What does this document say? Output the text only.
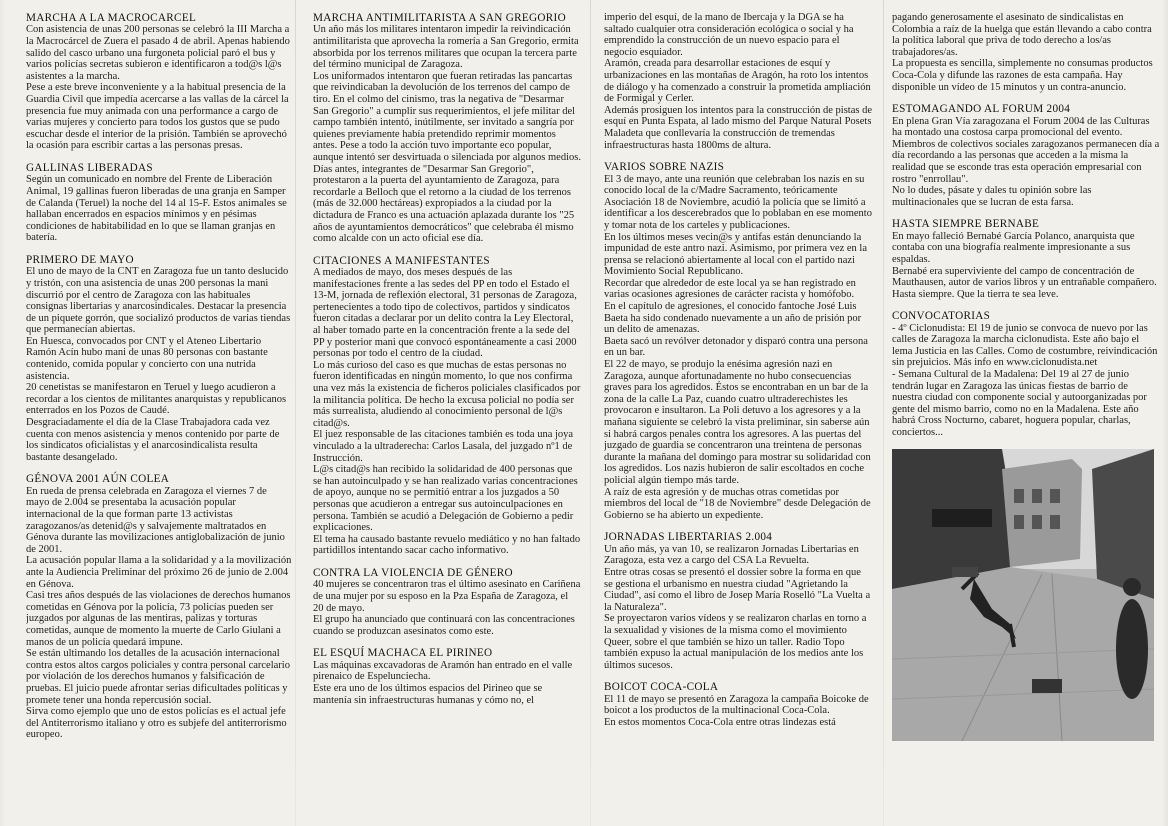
MARCHA A LA MACROCARCEL

Con asistencia de unas 200 personas se celebró la III Marcha a la Macrocárcel de Zuera el pasado 4 de abril. Apenas habiendo salido del casco urbano una furgoneta policial paró el bus y varios policías secretas subieron e identificaron a tod@s l@s asistentes a la marcha.

Pese a este breve inconveniente y a la habitual presencia de la Guardia Civil que impedía acercarse a las vallas de la cárcel la presencia fue muy animada con una performance a cargo de varias mujeres y concierto para todos los gustos que se pudo escuchar desde el interior de la prisión. También se aprovechó la ocasión para escribir cartas a las personas presas.

GALLINAS LIBERADAS

Según un comunicado en nombre del Frente de Liberación Animal, 19 gallinas fueron liberadas de una granja en Samper de Calanda (Teruel) la noche del 14 al 15-F. Estos animales se hallaban encerrados en espacios mínimos y en pésimas condiciones de habitabilidad en lo que se llaman granjas en batería.

PRIMERO DE MAYO

El uno de mayo de la CNT en Zaragoza fue un tanto deslucido y tristón, con una asistencia de unas 200 personas la mani discurrió por el centro de Zaragoza con las habituales consignas libertarias y anarcosindicales. Destacar la presencia de un piquete gorrón, que socializó productos de varias tiendas que permanecían abiertas.

En Huesca, convocados por CNT y el Ateneo Libertario Ramón Acín hubo mani de unas 80 personas con bastante contenido, comida popular y concierto con una nutrida asistencia.

20 cenetistas se manifestaron en Teruel y luego acudieron a recordar a los cientos de militantes anarquistas y republicanos enterrados en los Pozos de Caudé.

Desgraciadamente el día de la Clase Trabajadora cada vez cuenta con menos asistencia y menos contenido por parte de los sindicatos oficialistas y el anarcosindicalista resulta bastante desangelado.

GÉNOVA 2001 AÚN COLEA

En rueda de prensa celebrada en Zaragoza el viernes 7 de mayo de 2.004 se presentaba la acusación popular internacional de la que forman parte 13 activistas zaragozanos/as detenid@s y salvajemente maltratados en Génova durante las movilizaciones antiglobalización de junio de 2001.

La acusación popular llama a la solidaridad y a la movilización ante la Audiencia Preliminar del próximo 26 de junio de 2.004 en Génova.

Casi tres años después de las violaciones de derechos humanos cometidas en Génova por la policía, 73 policías pueden ser juzgados por algunas de las mentiras, palizas y torturas cometidas, aunque de momento la muerte de Carlo Giulani a manos de un policía quedará impune.

Se están ultimando los detalles de la acusación internacional contra estos altos cargos policiales y contra personal carcelario por violación de los derechos humanos y falsificación de pruebas. El juicio puede afrontar serias dificultades políticas y promete tener una honda repercusión social.

Sirva como ejemplo que uno de estos policías es el actual jefe del Antiterrorismo italiano y otro es subjefe del antiterrorismo europeo.

MARCHA ANTIMILITARISTA A SAN GREGORIO

Un año más los militares intentaron impedir la reivindicación antimilitarista que aprovecha la romería a San Gregorio, ermita absorbida por los terrenos militares que ocupan la tercera parte del término municipal de Zaragoza.

Los uniformados intentaron que fueran retiradas las pancartas que reivindicaban la devolución de los terrenos del campo de tiro. En el colmo del cinismo, tras la negativa de "Desarmar San Gregorio" a cumplir sus requerimientos, el jefe militar del campo también intentó, inútilmente, ser invitado a sangría por quienes previamente había pretendido reprimir momentos antes. Pese a todo la acción tuvo importante eco popular, aunque intentó ser desvirtuada o silenciada por algunos medios.

Días antes, integrantes de "Desarmar San Gregorio", protestaron a la puerta del ayuntamiento de Zaragoza, para recordarle a Belloch que el retorno a la ciudad de los terrenos (más de 32.000 hectáreas) expropiados a la ciudad por la dictadura de Franco es una actuación aplazada durante los "25 años de ayuntamientos democráticos" que celebraba él mismo como alcalde con un acto oficial ese día.

CITACIONES A MANIFESTANTES

A mediados de mayo, dos meses después de las manifestaciones frente a las sedes del PP en todo el Estado el 13-M, jornada de reflexión electoral, 31 personas de Zaragoza, pertenecientes a todo tipo de colectivos, partidos y sindicatos fueron citadas a declarar por un delito contra la Ley Electoral, al haber tomado parte en la concentración frente a la sede del PP y posterior mani que convocó espontáneamente a casi 2000 personas por todo el centro de la ciudad.

Lo más curioso del caso es que muchas de estas personas no fueron identificadas en ningún momento, lo que nos confirma una vez más la existencia de ficheros policiales clasificados por la militancia política. De hecho la excusa policial no podía ser más surrealista, aludiendo al conocimiento personal de l@s citad@s.

El juez responsable de las citaciones también es toda una joya vinculado a la ultraderecha: Carlos Lasala, del juzgado nº1 de Instrucción.

L@s citad@s han recibido la solidaridad de 400 personas que se han autoinculpado y se han realizado varias concentraciones de apoyo, aunque no se permitió entrar a los juzgados a 50 personas que acudieron a entregar sus autoinculpaciones en persona. También se acudió a Delegación de Gobierno a pedir explicaciones.

El tema ha causado bastante revuelo mediático y no han faltado partidillos intentando sacar cacho informativo.

CONTRA LA VIOLENCIA DE GÉNERO

40 mujeres se concentraron tras el último asesinato en Cariñena de una mujer por su esposo en la Pza España de Zaragoza, el 20 de mayo.

El grupo ha anunciado que continuará con las concentraciones cuando se produzcan asesinatos como este.

EL ESQUÍ MACHACA EL PIRINEO

Las máquinas excavadoras de Aramón han entrado en el valle pirenaico de Espelunciecha.

Este era uno de los últimos espacios del Pirineo que se mantenía sin infraestructuras humanas y cómo no, el

imperio del esquí, de la mano de Ibercaja y la DGA se ha saltado cualquier otra consideración ecológica o social y ha emprendido la construcción de un nuevo espacio para el negocio esquiador.

Aramón, creada para desarrollar estaciones de esquí y urbanizaciones en las montañas de Aragón, ha roto los intentos de diálogo y ha comenzado a construir la prometida ampliación de Formigal y Cerler.

Además prosiguen los intentos para la construcción de pistas de esquí en Punta Espata, al lado mismo del Parque Natural Posets Maladeta que conllevaría la construcción de tremendas infraestructuras hasta 1800ms de altura.

VARIOS SOBRE NAZIS

El 3 de mayo, ante una reunión que celebraban los nazis en su conocido local de la c/Madre Sacramento, teóricamente Asociación 18 de Noviembre, acudió la policía que se limitó a identificar a los descerebrados que lo poblaban en ese momento y tomar nota de los carteles y publicaciones.

En los últimos meses vecin@s y antifas están denunciando la impunidad de este antro nazi. Asimismo, por primera vez en la prensa se relacionó abiertamente al local con el partido nazi Movimiento Social Republicano.

Recordar que alrededor de este local ya se han registrado en varias ocasiones agresiones de carácter racista y homófobo.

En el capítulo de agresiones, el conocido fantoche José Luis Baeta ha sido condenado nuevamente a un año de prisión por un delito de amenazas.

Baeta sacó un revólver detonador y disparó contra una persona en un bar.

El 22 de mayo, se produjo la enésima agresión nazi en Zaragoza, aunque afortunadamente no hubo consecuencias graves para los agredidos. Éstos se encontraban en un bar de la zona de la calle La Paz, cuando cuatro ultraderechistes les provocaron e insultaron. La Poli detuvo a los agresores y a la mañana siguiente se celebró la vista preliminar, sin saberse aún si habrá cargos penales contra los agresores. A las puertas del juzgado de guardia se concentraron una treintena de personas durante la mañana del domingo para mostrar su solidaridad con los agredidos. Los nazis hubieron de salir escoltados en coche policial algún tiempo más tarde.

A raíz de esta agresión y de muchas otras cometidas por miembros del local de "18 de Noviembre" desde Delegación de Gobierno se ha abierto un expediente.

JORNADAS LIBERTARIAS 2.004

Un año más, ya van 10, se realizaron Jornadas Libertarias en Zaragoza, esta vez a cargo del CSA La Revuelta.

Entre otras cosas se presentó el dossier sobre la forma en que se gestiona el urbanismo en nuestra ciudad "Agrietando la Ciudad", así como el libro de Josep María Roselló "La Vuelta a la Naturaleza".

Se proyectaron varios vídeos y se realizaron charlas en torno a la sexualidad y visiones de la misma como el movimiento Queer, sobre el que también se hizo un taller. Radio Topo también expuso la actual manipulación de los medios ante los últimos sucesos.

BOICOT COCA-COLA

El 11 de mayo se presentó en Zaragoza la campaña Boicoke de boicot a los productos de la multinacional Coca-Cola.

En estos momentos Coca-Cola entre otras lindezas está

pagando generosamente el asesinato de sindicalistas en Colombia a raíz de la huelga que están llevando a cabo contra la política laboral que priva de todo derecho a los/as trabajadores/as.

La propuesta es sencilla, simplemente no consumas productos Coca-Cola y difunde las razones de esta campaña. Hay disponible un vídeo de 15 minutos y un contra-anuncio.

ESTOMAGANDO AL FORUM 2004

En plena Gran Vía zaragozana el Forum 2004 de las Culturas ha montado una costosa carpa promocional del evento.

Miembros de colectivos sociales zaragozanos permanecen día a día recordando a las personas que acceden a la misma la realidad que se esconde tras esta operación empresarial con rostro "enrrollau".

No lo dudes, pásate y dales tu opinión sobre las multinacionales que se lucran de esta farsa.

HASTA SIEMPRE BERNABE

En mayo falleció Bernabé García Polanco, anarquista que contaba con una biografía realmente impresionante a sus espaldas.

Bernabé era superviviente del campo de concentración de Mauthausen, autor de varios libros y un entrañable compañero.

Hasta siempre. Que la tierra te sea leve.

CONVOCATORIAS

- 4º Ciclonudista: El 19 de junio se convoca de nuevo por las calles de Zaragoza la marcha ciclonudista. Este año bajo el lema Justicia en las Calles. Como de costumbre, reivindicación sin prejuicios. Más info en www.ciclonudista.net

- Semana Cultural de la Madalena: Del 19 al 27 de junio tendrán lugar en Zaragoza las únicas fiestas de barrio de nuestra ciudad con componente social y autoorganizadas por gente del mismo barrio, como no en la Madalena. Este año habrá Cross Nocturno, cabaret, hoguera popular, charlas, conciertos...
